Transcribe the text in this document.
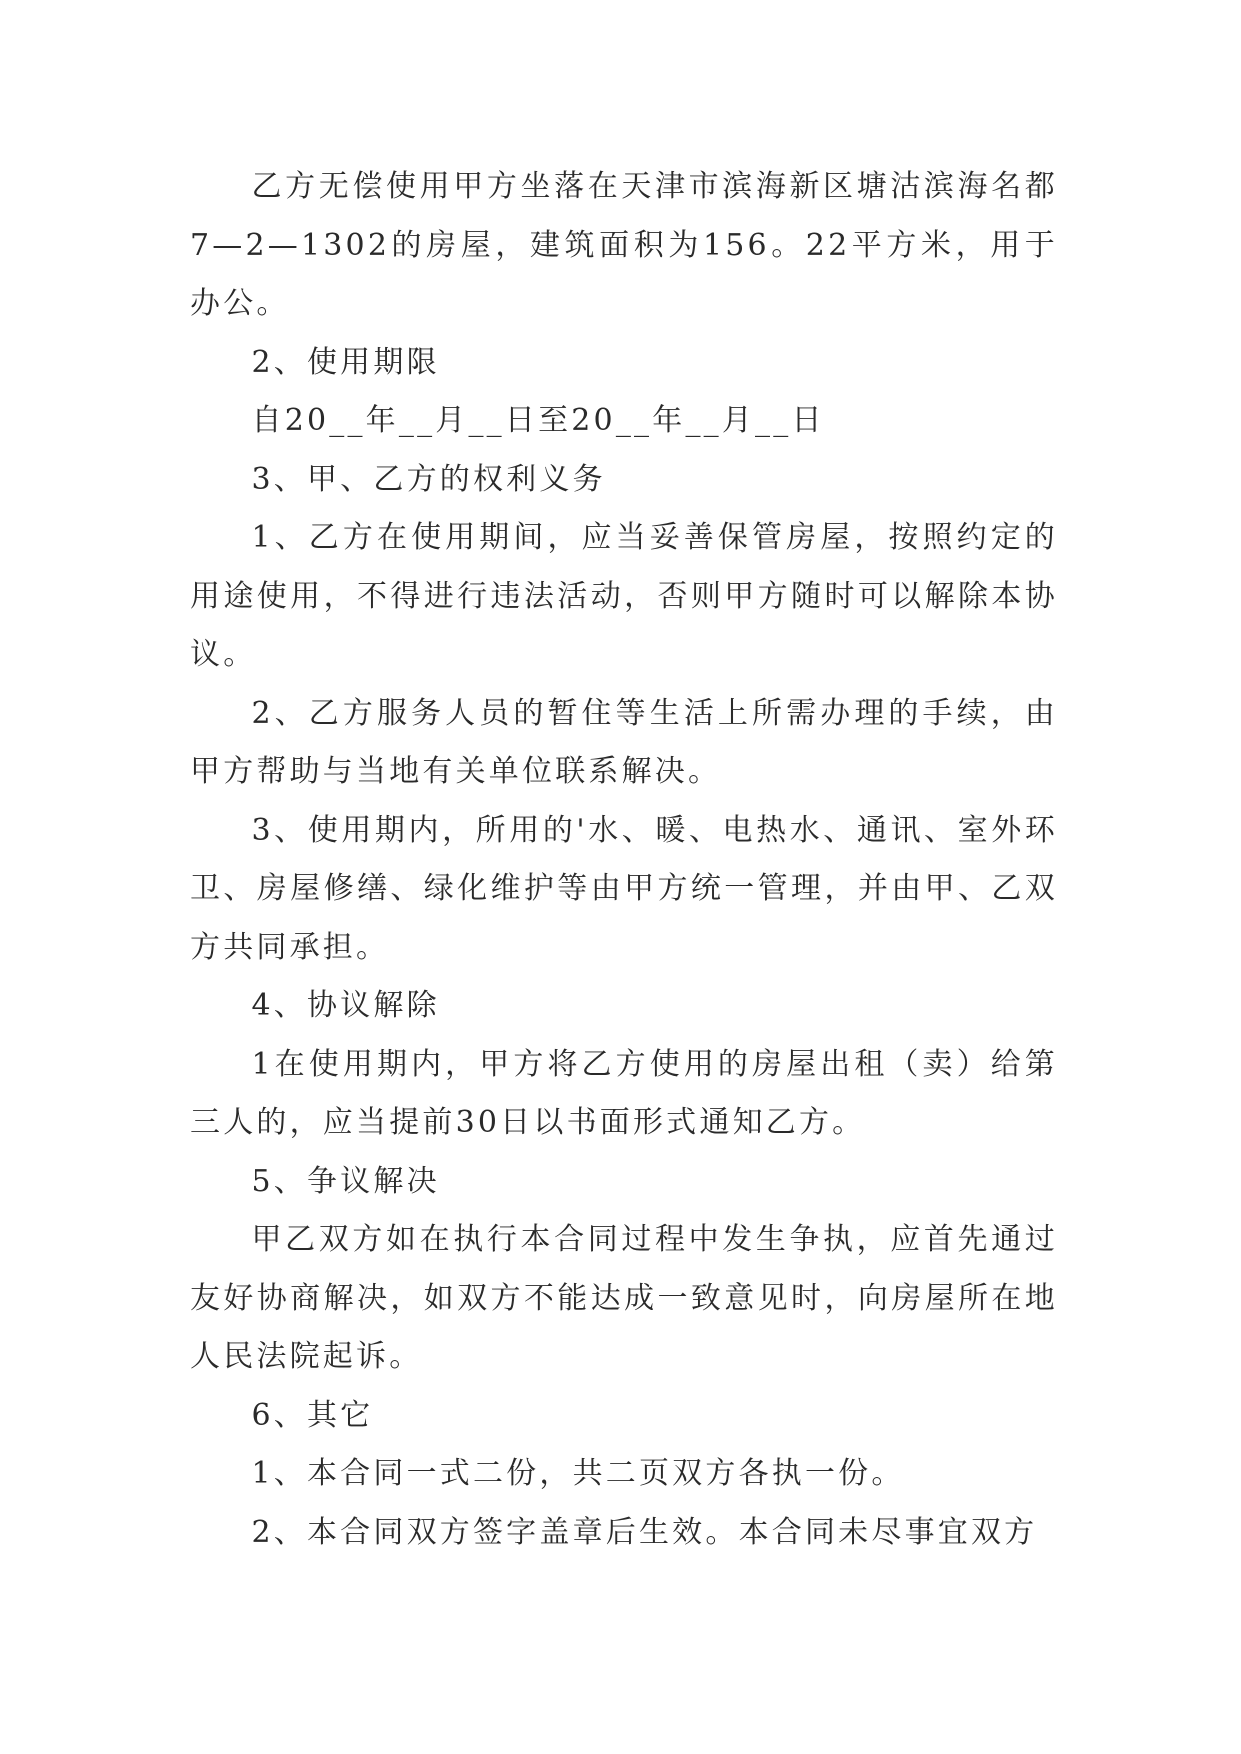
乙方无偿使用甲方坐落在天津市滨海新区塘沽滨海名都7—2—1302的房屋，建筑面积为156。22平方米，用于办公。

2、使用期限

自20__年__月__日至20__年__月__日

3、甲、乙方的权利义务

1、乙方在使用期间，应当妥善保管房屋，按照约定的用途使用，不得进行违法活动，否则甲方随时可以解除本协议。

2、乙方服务人员的暂住等生活上所需办理的手续，由甲方帮助与当地有关单位联系解决。

3、使用期内，所用的'水、暖、电热水、通讯、室外环卫、房屋修缮、绿化维护等由甲方统一管理，并由甲、乙双方共同承担。

4、协议解除

1在使用期内，甲方将乙方使用的房屋出租（卖）给第三人的，应当提前30日以书面形式通知乙方。

5、争议解决

甲乙双方如在执行本合同过程中发生争执，应首先通过友好协商解决，如双方不能达成一致意见时，向房屋所在地人民法院起诉。

6、其它

1、本合同一式二份，共二页双方各执一份。

2、本合同双方签字盖章后生效。本合同未尽事宜双方
